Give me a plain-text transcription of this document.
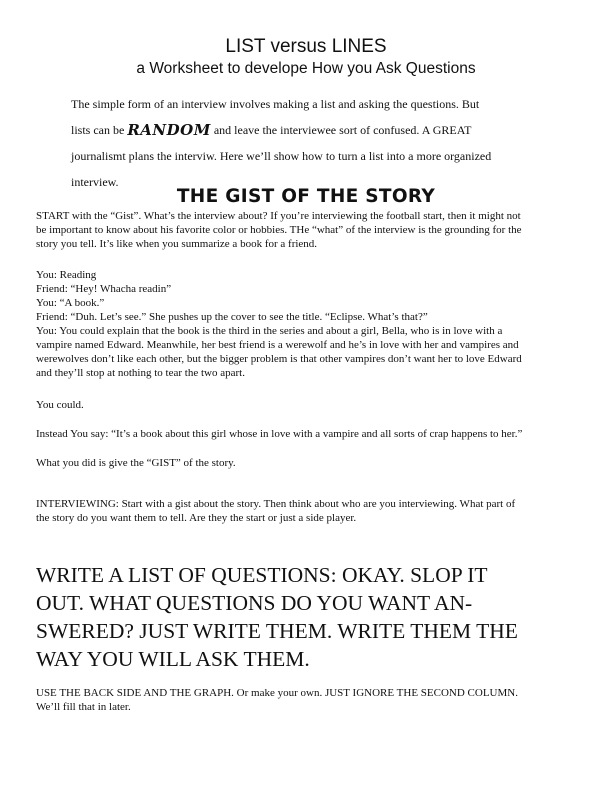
LIST versus LINES
a Worksheet to develope How you Ask Questions
The simple form of an interview involves making a list and asking the questions. But
lists can be RANDOM and leave the interviewee sort of confused. A GREAT
journalismt plans the interviw. Here we’ll show how to turn a list into a more organized
interview.
THE GIST OF THE STORY
START with the “Gist”. What’s the interview about? If you’re interviewing the football start, then it might not
be important to know about his favorite color or hobbies. THe “what” of the interview is the grounding for the
story you tell. It’s like when you summarize a book for a friend.
You: Reading
Friend: “Hey! Whacha readin”
You: “A book.”
Friend: “Duh. Let’s see.” She pushes up the cover to see the title. “Eclipse. What’s that?”
You: You could explain that the book is the third in the series and about a girl, Bella, who is in love with a
vampire named Edward. Meanwhile, her best friend is a werewolf and he’s in love with her and vampires and
werewolves don’t like each other, but the bigger problem is that other vampires don’t want her to love Edward
and they’ll stop at nothing to tear the two apart.
You could.
Instead You say: “It’s a book about this girl whose in love with a vampire and all sorts of crap happens to her.”
What you did is give the “GIST” of the story.
INTERVIEWING: Start with a gist about the story. Then think about who are you interviewing. What part of
the story do you want them to tell. Are they the start or just a side player.
WRITE A LIST OF QUESTIONS: OKAY. SLOP IT
OUT. WHAT QUESTIONS DO YOU WANT AN-
SWERED? JUST WRITE THEM. WRITE THEM THE
WAY YOU WILL ASK THEM.
USE THE BACK SIDE AND THE GRAPH. Or make your own. JUST IGNORE THE SECOND COLUMN.
We’ll fill that in later.
